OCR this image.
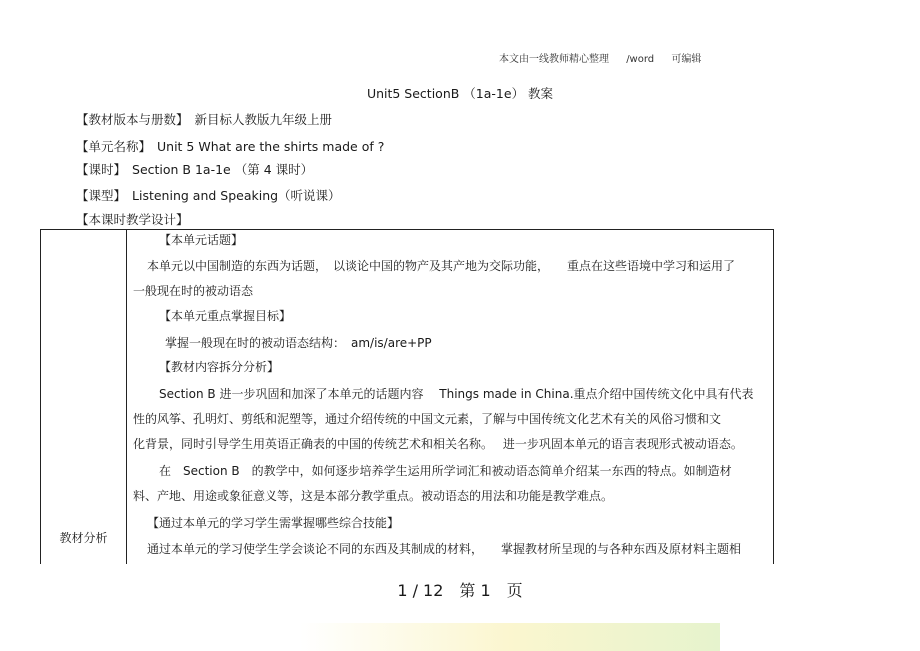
本文由一线教师精心整理 /word 可编辑
Unit5 SectionB （1a-1e） 教案
【教材版本与册数】 新目标人教版九年级上册
【单元名称】 Unit 5 What are the shirts made of ?
【课时】 Section B 1a-1e （第 4 课时）
【课型】 Listening and Speaking（听说课）
【本课时教学设计】
教材分析
【本单元话题】
本单元以中国制造的东西为话题，　以谈论中国的物产及其产地为交际功能，　　重点在这些语境中学习和运用了
一般现在时的被动语态
【本单元重点掌握目标】
掌握一般现在时的被动语态结构：　am/is/are+PP
【教材内容拆分分析】
Section B 进一步巩固和加深了本单元的话题内容　 Things made in China.重点介绍中国传统文化中具有代表
性的风筝、孔明灯、剪纸和泥塑等，通过介绍传统的中国文元素，了解与中国传统文化艺术有关的风俗习惯和文
化背景，同时引导学生用英语正确表的中国的传统艺术和相关名称。　 进一步巩固本单元的语言表现形式被动语态。
在　Section B　的教学中，如何逐步培养学生运用所学词汇和被动语态简单介绍某一东西的特点。如制造材
料、产地、用途或象征意义等，这是本部分教学重点。被动语态的用法和功能是教学难点。
【通过本单元的学习学生需掌握哪些综合技能】
通过本单元的学习使学生学会谈论不同的东西及其制成的材料，　　掌握教材所呈现的与各种东西及原材料主题相
1 / 12　第 1　页
